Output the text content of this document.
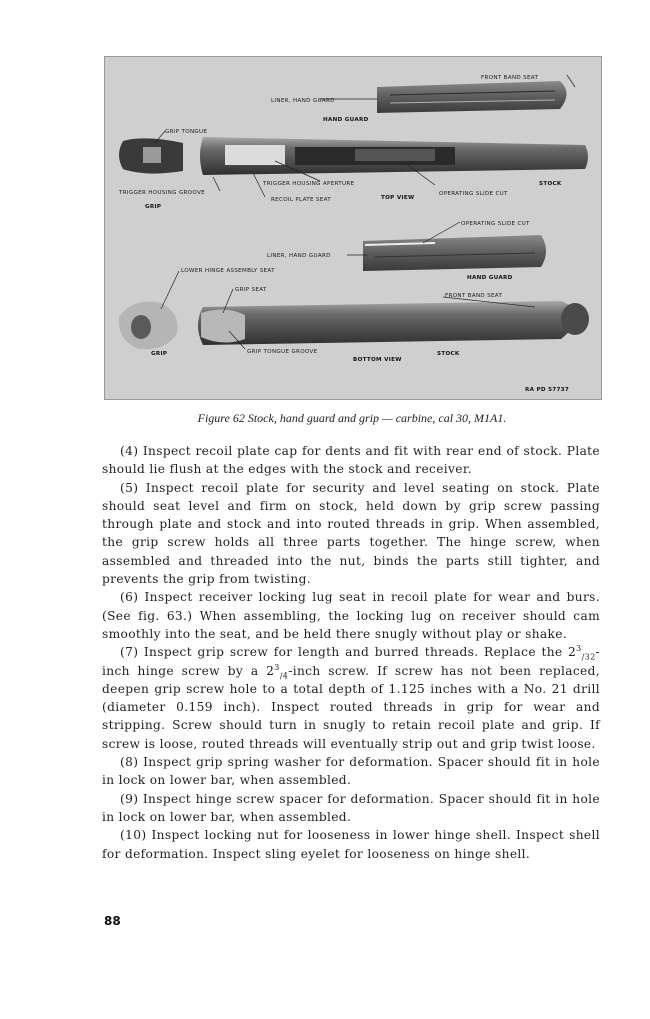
FRONT BAND SEAT
LINER, HAND GUARD
HAND GUARD
GRIP TONGUE
TRIGGER HOUSING APERTURE
OPERATING SLIDE CUT
STOCK
TRIGGER HOUSING GROOVE
RECOIL PLATE SEAT	TOP VIEW
GRIP
OPERATING SLIDE CUT
LINER, HAND GUARD
LOWER HINGE ASSEMBLY SEAT
HAND GUARD
GRIP SEAT
FRONT BAND SEAT
GRIP	GRIP TONGUE GROOVE
BOTTOM VIEW
STOCK
RA PD 57737
Figure 62 Stock, hand guard and grip — carbine, cal 30, M1A1.

(4) Inspect recoil plate cap for dents and fit with rear end of stock. Plate should lie flush at the edges with the stock and receiver.

(5) Inspect recoil plate for security and level seating on stock. Plate should seat level and firm on stock, held down by grip screw passing through plate and stock and into routed threads in grip. When assembled, the grip screw holds all three parts together. The hinge screw, when assembled and threaded into the nut, binds the parts still tighter, and prevents the grip from twisting.

(6) Inspect receiver locking lug seat in recoil plate for wear and burs. (See fig. 63.) When assembling, the locking lug on receiver should cam smoothly into the seat, and be held there snugly without play or shake.

(7) Inspect grip screw for length and burred threads. Replace the $2^3_{/32}$-inch hinge screw by a $2^3_{/4}$-inch screw. If screw has not been replaced, deepen grip screw hole to a total depth of 1.125 inches with a No. 21 drill (diameter 0.159 inch). Inspect routed threads in grip for wear and stripping. Screw should turn in snugly to retain recoil plate and grip. If screw is loose, routed threads will eventually strip out and grip twist loose.

(8) Inspect grip spring washer for deformation. Spacer should fit in hole in lock on lower bar, when assembled.

(9) Inspect hinge screw spacer for deformation. Spacer should fit in hole in lock on lower bar, when assembled.

(10) Inspect locking nut for looseness in lower hinge shell. Inspect shell for deformation. Inspect sling eyelet for looseness on hinge shell.

88
